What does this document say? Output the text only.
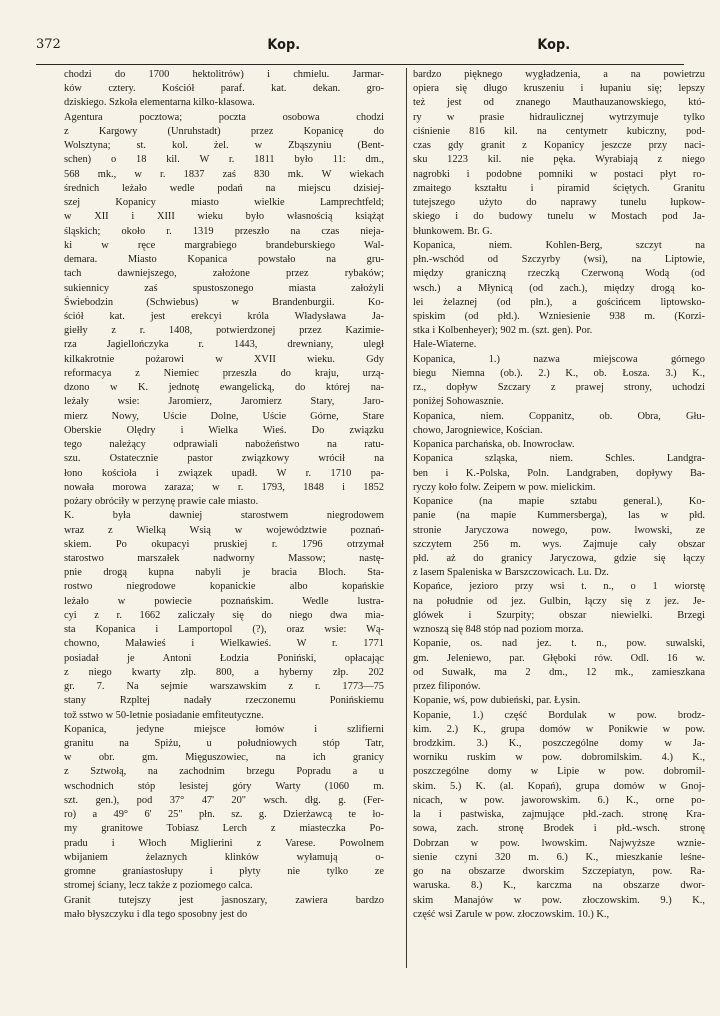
372	Kop.	Kop.
chodzi do 1700 hektolitrów) i chmielu. Jarmar-
ków cztery. Kościół paraf. kat. dekan. gro-
dziskiego. Szkoła elementarna kilko-klasowa.
Agentura pocztowa; poczta osobowa chodzi
z Kargowy (Unruhstadt) przez Kopanicę do
Wolsztyna; st. kol. żel. w Zbąszyniu (Bent-
schen) o 18 kil. W r. 1811 było 11: dm.,
568 mk., w r. 1837 zaś 830 mk. W wiekach
średnich leżało wedle podań na miejscu dzisiej-
szej Kopanicy miasto wielkie Lamprechtfeld;
w XII i XIII wieku było własnością książąt
śląskich; około r. 1319 przeszło na czas nieja-
ki w ręce margrabiego brandeburskiego Wal-
demara. Miasto Kopanica powstało na gru-
tach dawniejszego, założone przez rybaków;
sukiennicy zaś spustoszonego miasta założyli
Świebodzin (Schwiebus) w Brandenburgii. Ko-
ściół kat. jest erekcyi króla Władysława Ja-
giełły z r. 1408, potwierdzonej przez Kazimie-
rza Jagiellończyka r. 1443, drewniany, uległ
kilkakrotnie pożarowi w XVII wieku. Gdy
reformacya z Niemiec przeszła do kraju, urzą-
dzono w K. jednotę ewangelicką, do której na-
leżały wsie: Jaromierz, Jaromierz Stary, Jaro-
mierz Nowy, Uście Dolne, Uście Górne, Stare
Oberskie Olędry i Wielka Wieś. Do związku
tego należący odprawiali nabożeństwo na ratu-
szu. Ostatecznie pastor związkowy wrócił na
łono kościoła i związek upadł. W r. 1710 pa-
nowała morowa zaraza; w r. 1793, 1848 i 1852
pożary obróciły w perzynę prawie całe miasto.
K. była dawniej starostwem niegrodowem
wraz z Wielką Wsią w województwie poznań-
skiem. Po okupacyi pruskiej r. 1796 otrzymał
starostwo marszałek nadworny Massow; nastę-
pnie drogą kupna nabyli je bracia Bloch. Sta-
rostwo niegrodowe kopanickie albo kopańskie
leżało w powiecie poznańskim. Wedle lustra-
cyi z r. 1662 zaliczały się do niego dwa mia-
sta Kopanica i Lamportopol (?), oraz wsie: Wą-
chowno, Maławieś i Wielkawieś. W r. 1771
posiadał je Antoni Łodzia Poniński, opłacając
z niego kwarty złp. 800, a hyberny złp. 202
gr. 7. Na sejmie warszawskim z r. 1773—75
stany Rzpltej nadały rzeczonemu Ponińskiemu
tož sstwo w 50-letnie posiadanie emfiteutyczne.
Kopanica, jedyne miejsce łomów i szlifierni
granitu na Spiżu, u południowych stóp Tatr,
w obr. gm. Mięguszowiec, na ich granicy
z Sztwołą, na zachodnim brzegu Popradu a u
wschodnich stóp lesistej góry Warty (1060 m.
szt. gen.), pod 37° 47' 20" wsch. dłg. g. (Fer-
ro) a 49° 6' 25" płn. sz. g. Dzierżawcą te ło-
my granitowe Tobiasz Lerch z miasteczka Po-
pradu i Włoch Miglierini z Varese. Powolnem
wbijaniem żelaznych klinków wyłamują o-
gromne graniastosłupy i płyty nie tylko ze
stromej ściany, lecz także z poziomego calca.
Granit tutejszy jest jasnoszary, zawiera bardzo
mało błyszczyku i dla tego sposobny jest do
bardzo pięknego wygładzenia, a na powietrzu
opiera się długo kruszeniu i łupaniu się; lepszy
też jest od znanego Mauthauzanowskiego, któ-
ry w prasie hidraulicznej wytrzymuje tylko
ciśnienie 816 kil. na centymetr kubiczny, pod-
czas gdy granit z Kopanicy jeszcze przy naci-
sku 1223 kil. nie pęka. Wyrabiają z niego
nagrobki i podobne pomniki w postaci płyt ro-
zmaitego kształtu i piramid ściętych. Granitu
tutejszego użyto do naprawy tunelu łupkow-
skiego i do budowy tunelu w Mostach pod Ja-
błunkowem. Br. G.
Kopanica, niem. Kohlen-Berg, szczyt na
płn.-wschód od Szczyrby (wsi), na Liptowie,
między graniczną rzeczką Czerwoną Wodą (od
wsch.) a Młynicą (od zach.), między drogą ko-
lei żelaznej (od płn.), a gościńcem liptowsko-
spiskim (od płd.). Wzniesienie 938 m. (Korzi-
stka i Kolbenheyer); 902 m. (szt. gen). Por.
Hale-Wiaterne.
Kopanica, 1.) nazwa miejscowa górnego
biegu Niemna (ob.). 2.) K., ob. Łosza. 3.) K.,
rz., dopływ Szczary z prawej strony, uchodzi
poniżej Sohowasznie.
Kopanica, niem. Coppanitz, ob. Obra, Głu-
chowo, Jarogniewice, Kościan.
Kopanica parchańska, ob. Inowrocław.
Kopanica szląska, niem. Schles. Landgra-
ben i K.-Polska, Poln. Landgraben, dopływy Ba-
ryczy koło folw. Zeipern w pow. mielickim.
Kopanice (na mapie sztabu general.), Ko-
panie (na mapie Kummersberga), las w płd.
stronie Jaryczowa nowego, pow. lwowski, ze
szczytem 256 m. wys. Zajmuje cały obszar
płd. aż do granicy Jaryczowa, gdzie się łączy
z lasem Spaleniska w Barszczowicach. Lu. Dz.
Kopańce, jezioro przy wsi t. n., o 1 wiorstę
na południe od jez. Gulbin, łączy się z jez. Je-
glówek i Szurpity; obszar niewielki. Brzegi
wznoszą się 848 stóp nad poziom morza.
Kopanie, os. nad jez. t. n., pow. suwalski,
gm. Jeleniewo, par. Głęboki rów. Odl. 16 w.
od Suwałk, ma 2 dm., 12 mk., zamieszkana
przez filiponów.
Kopanie, wś, pow dubieński, par. Łysin.
Kopanie, 1.) część Bordulak w pow. brodz-
kim. 2.) K., grupa domów w Ponikwie w pow.
brodzkim. 3.) K., poszczególne domy w Ja-
worniku ruskim w pow. dobromilskim. 4.) K.,
poszczególne domy w Lipie w pow. dobromil-
skim. 5.) K. (al. Kopań), grupa domów w Gnoj-
nicach, w pow. jaworowskim. 6.) K., orne po-
la i pastwiska, zajmujące płd.-zach. stronę Kra-
sowa, zach. stronę Brodek i płd.-wsch. stronę
Dobrzan w pow. lwowskim. Najwyższe wznie-
sienie czyni 320 m. 6.) K., mieszkanie leśne-
go na obszarze dworskim Szczepiatyn, pow. Ra-
waruska. 8.) K., karczma na obszarze dwor-
skim Manajów w pow. złoczowskim. 9.) K.,
część wsi Zarule w pow. złoczowskim. 10.) K.,
